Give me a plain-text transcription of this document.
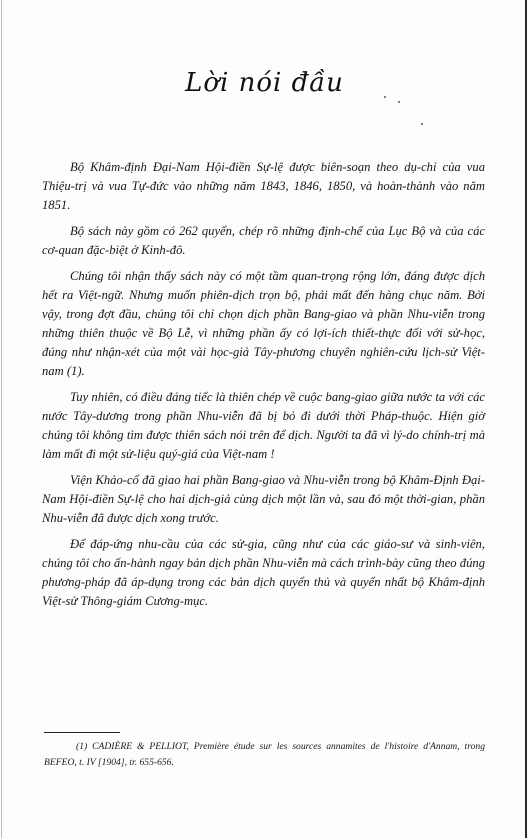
Lời nói đầu

Bộ Khâm-định Đại-Nam Hội-điền Sự-lệ được biên-soạn theo dụ-chỉ của vua Thiệu-trị và vua Tự-đức vào những năm 1843, 1846, 1850, và hoàn-thành vào năm 1851.

Bộ sách này gồm có 262 quyển, chép rõ những định-chế của Lục Bộ và của các cơ-quan đặc-biệt ở Kinh-đô.

Chúng tôi nhận thấy sách này có một tầm quan-trọng rộng lớn, đáng được dịch hết ra Việt-ngữ. Nhưng muốn phiên-dịch trọn bộ, phải mất đến hàng chục năm. Bởi vậy, trong đợt đầu, chúng tôi chỉ chọn dịch phần Bang-giao và phần Nhu-viễn trong những thiên thuộc về Bộ Lễ, vì những phần ấy có lợi-ích thiết-thực đối với sử-học, đúng như nhận-xét của một vài học-giả Tây-phương chuyên nghiên-cứu lịch-sử Việt-nam (1).

Tuy nhiên, có điều đáng tiếc là thiên chép về cuộc bang-giao giữa nước ta với các nước Tây-dương trong phần Nhu-viễn đã bị bỏ đi dưới thời Pháp-thuộc. Hiện giờ chúng tôi không tìm được thiên sách nói trên để dịch. Người ta đã vì lý-do chính-trị mà làm mất đi một sử-liệu quý-giá của Việt-nam !

Viện Khảo-cổ đã giao hai phần Bang-giao và Nhu-viễn trong bộ Khâm-Định Đại-Nam Hội-điền Sự-lệ cho hai dịch-giả cùng dịch một lần và, sau đó một thời-gian, phần Nhu-viễn đã được dịch xong trước.

Để đáp-ứng nhu-cầu của các sử-gia, cũng như của các giáo-sư và sinh-viên, chúng tôi cho ấn-hành ngay bản dịch phần Nhu-viễn mà cách trình-bày cũng theo đúng phương-pháp đã áp-dụng trong các bản dịch quyển thủ và quyển nhất bộ Khâm-định Việt-sử Thông-giám Cương-mục.

(1) CADIÈRE & PELLIOT, Première étude sur les sources annamites de l'histoire d'Annam, trong BEFEO, t. IV [1904], tr. 655-656.
